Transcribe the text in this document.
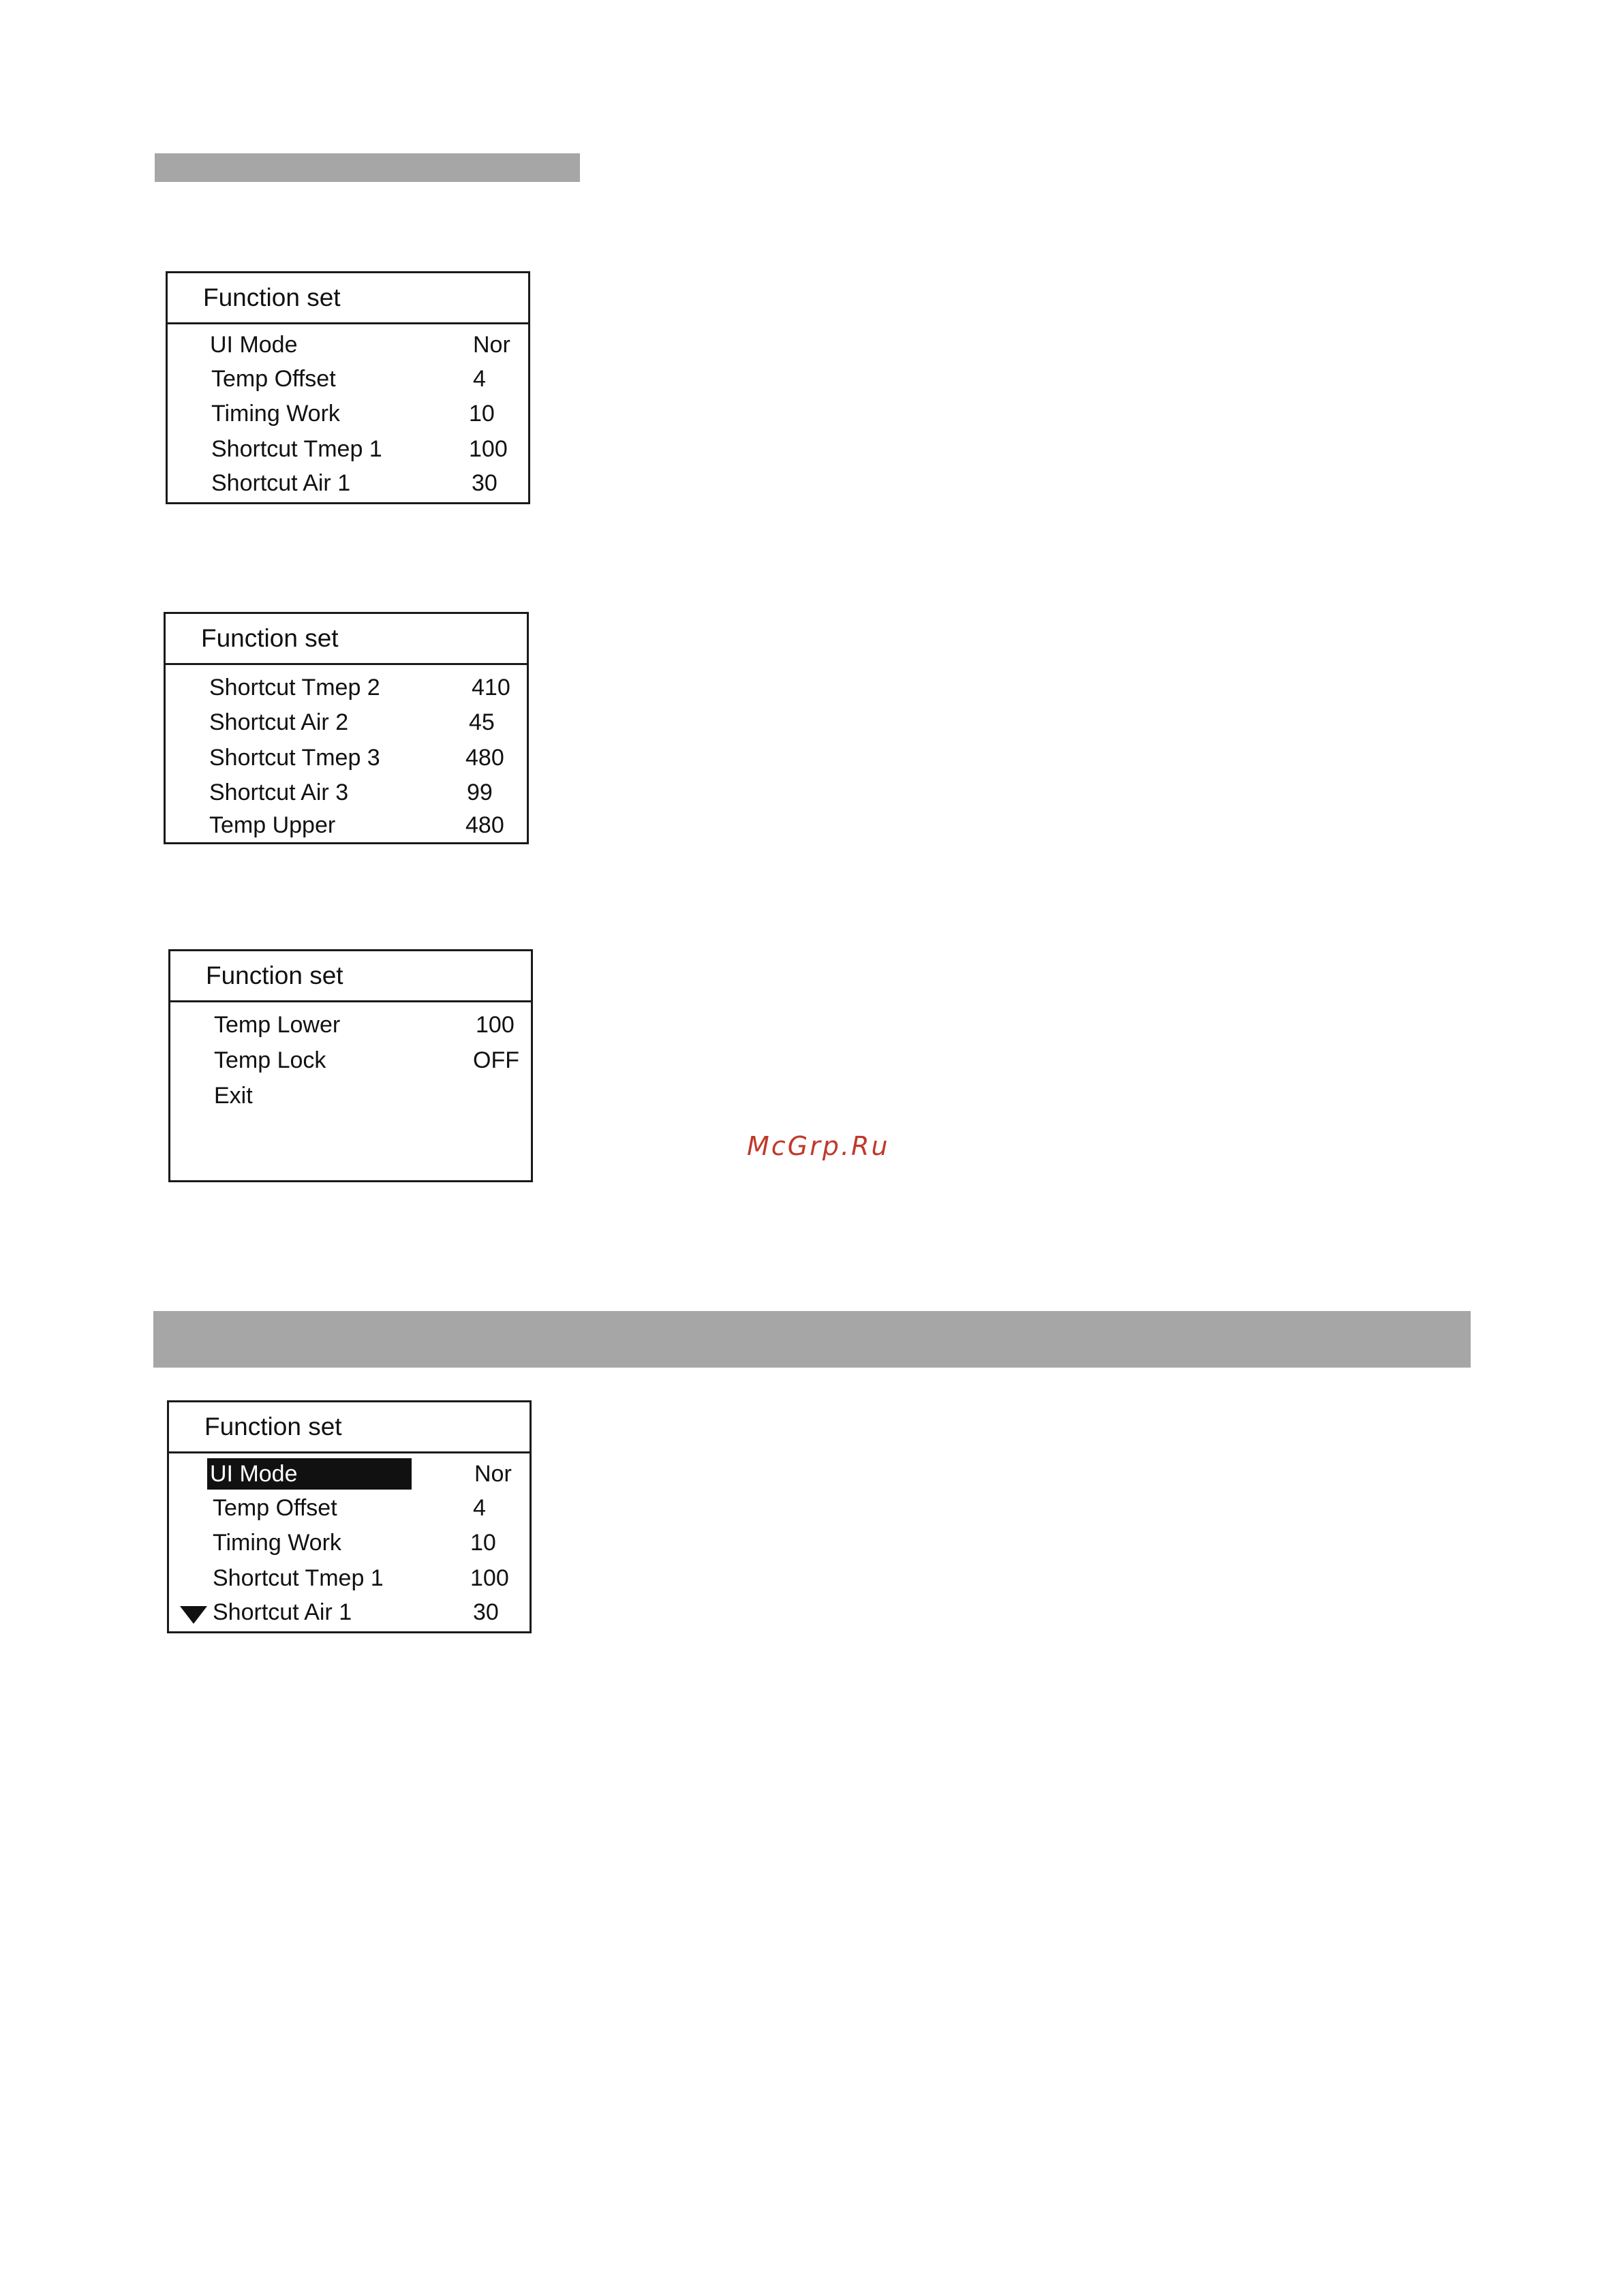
Function set
UI Mode	Nor
Temp Offset	4
Timing Work	10
Shortcut Tmep 1	100
Shortcut Air 1	30
Function set
Shortcut Tmep 2	410
Shortcut Air 2	45
Shortcut Tmep 3	480
Shortcut Air 3	99
Temp Upper	480
Function set
Temp Lower	100
Temp Lock	OFF
Exit
McGrp.Ru
Function set
UI Mode	Nor
Temp Offset	4
Timing Work	10
Shortcut Tmep 1	100
Shortcut Air 1	30
